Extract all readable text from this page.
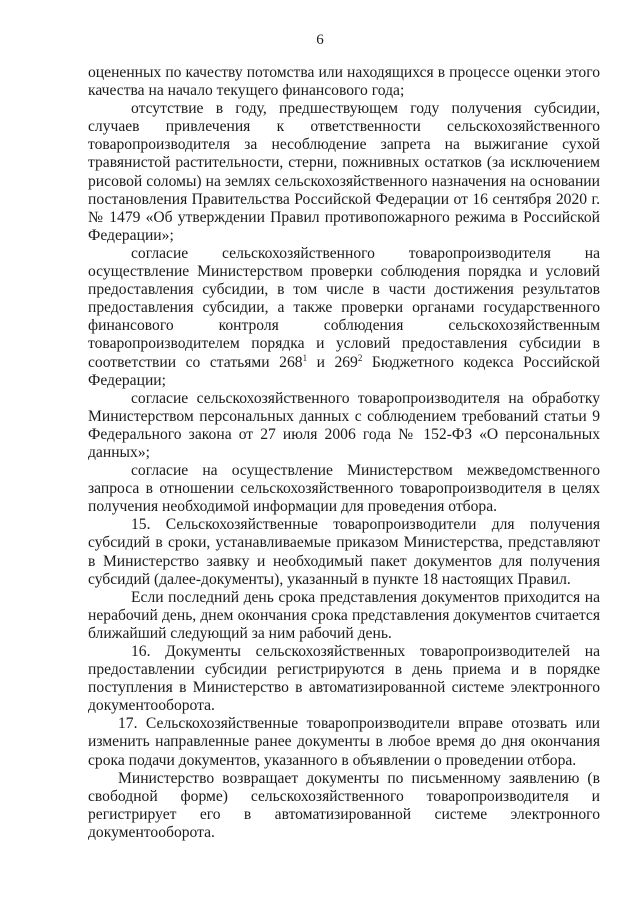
6

оцененных по качеству потомства или находящихся в процессе оценки этого качества на начало текущего финансового года;

отсутствие в году, предшествующем году получения субсидии, случаев привлечения к ответственности сельскохозяйственного товаропроизводителя за несоблюдение запрета на выжигание сухой травянистой растительности, стерни, пожнивных остатков (за исключением рисовой соломы) на землях сельскохозяйственного назначения на основании постановления Правительства Российской Федерации от 16 сентября 2020 г. № 1479 «Об утверждении Правил противопожарного режима в Российской Федерации»;

согласие сельскохозяйственного товаропроизводителя на осуществление Министерством проверки соблюдения порядка и условий предоставления субсидии, в том числе в части достижения результатов предоставления субсидии, а также проверки органами государственного финансового контроля соблюдения сельскохозяйственным товаропроизводителем порядка и условий предоставления субсидии в соответствии со статьями $268^1$ и $269^2$ Бюджетного кодекса Российской Федерации;

согласие сельскохозяйственного товаропроизводителя на обработку Министерством персональных данных с соблюдением требований статьи 9 Федерального закона от 27 июля 2006 года № 152-ФЗ «О персональных данных»;

согласие на осуществление Министерством межведомственного запроса в отношении сельскохозяйственного товаропроизводителя в целях получения необходимой информации для проведения отбора.

15. Сельскохозяйственные товаропроизводители для получения субсидий в сроки, устанавливаемые приказом Министерства, представляют в Министерство заявку и необходимый пакет документов для получения субсидий (далее-документы), указанный в пункте 18 настоящих Правил.

Если последний день срока представления документов приходится на нерабочий день, днем окончания срока представления документов считается ближайший следующий за ним рабочий день.

16. Документы сельскохозяйственных товаропроизводителей на предоставлении субсидии регистрируются в день приема и в порядке поступления в Министерство в автоматизированной системе электронного документооборота.

17. Сельскохозяйственные товаропроизводители вправе отозвать или изменить направленные ранее документы в любое время до дня окончания срока подачи документов, указанного в объявлении о проведении отбора.

Министерство возвращает документы по письменному заявлению (в свободной форме) сельскохозяйственного товаропроизводителя и регистрирует его в автоматизированной системе электронного документооборота.
